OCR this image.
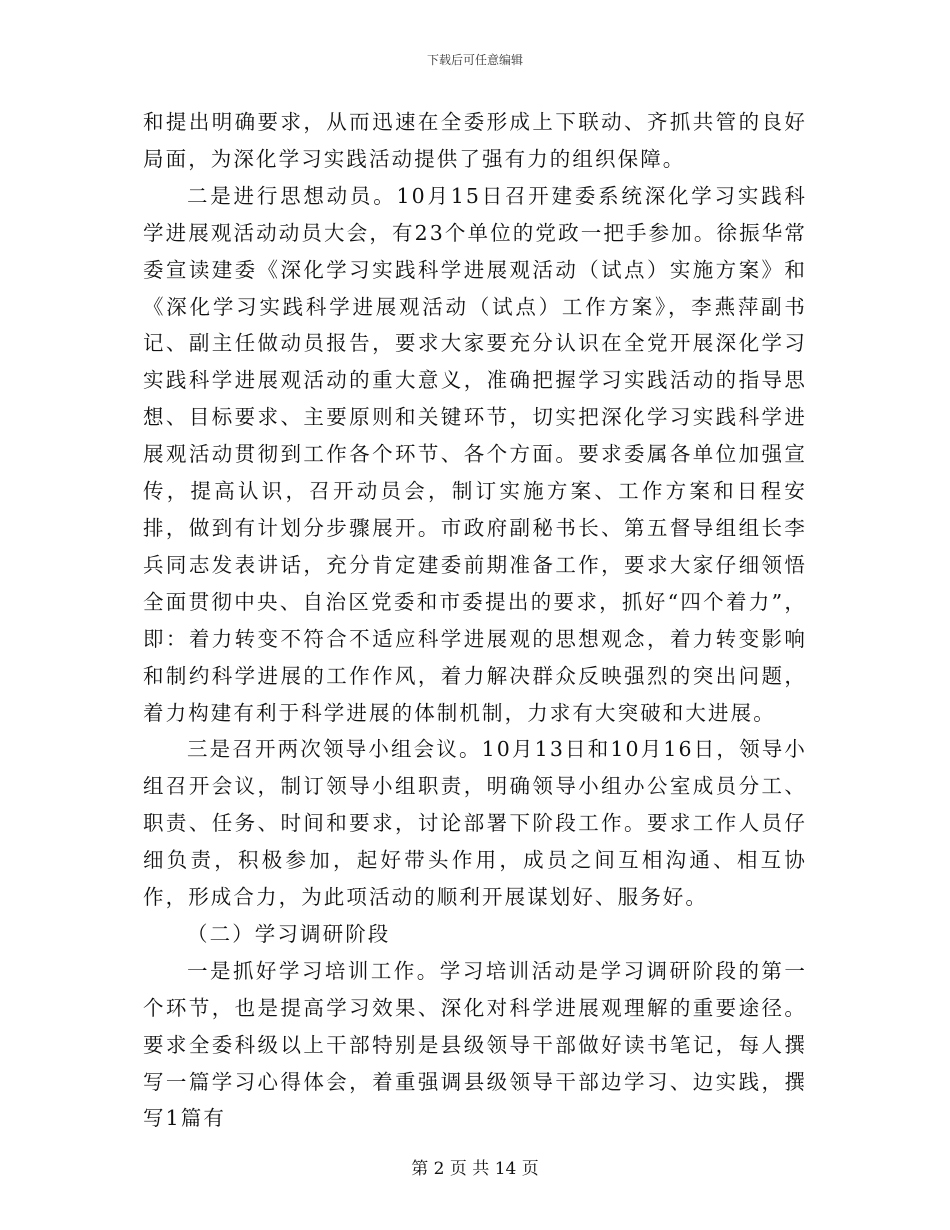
下载后可任意编辑

和提出明确要求，从而迅速在全委形成上下联动、齐抓共管的良好局面，为深化学习实践活动提供了强有力的组织保障。

二是进行思想动员。10月15日召开建委系统深化学习实践科学进展观活动动员大会，有23个单位的党政一把手参加。徐振华常委宣读建委《深化学习实践科学进展观活动（试点）实施方案》和《深化学习实践科学进展观活动（试点）工作方案》，李燕萍副书记、副主任做动员报告，要求大家要充分认识在全党开展深化学习实践科学进展观活动的重大意义，准确把握学习实践活动的指导思想、目标要求、主要原则和关键环节，切实把深化学习实践科学进展观活动贯彻到工作各个环节、各个方面。要求委属各单位加强宣传，提高认识，召开动员会，制订实施方案、工作方案和日程安排，做到有计划分步骤展开。市政府副秘书长、第五督导组组长李兵同志发表讲话，充分肯定建委前期准备工作，要求大家仔细领悟全面贯彻中央、自治区党委和市委提出的要求，抓好“四个着力”，即：着力转变不符合不适应科学进展观的思想观念，着力转变影响和制约科学进展的工作作风，着力解决群众反映强烈的突出问题，着力构建有利于科学进展的体制机制，力求有大突破和大进展。

三是召开两次领导小组会议。10月13日和10月16日，领导小组召开会议，制订领导小组职责，明确领导小组办公室成员分工、职责、任务、时间和要求，讨论部署下阶段工作。要求工作人员仔细负责，积极参加，起好带头作用，成员之间互相沟通、相互协作，形成合力，为此项活动的顺利开展谋划好、服务好。

（二）学习调研阶段

一是抓好学习培训工作。学习培训活动是学习调研阶段的第一个环节，也是提高学习效果、深化对科学进展观理解的重要途径。要求全委科级以上干部特别是县级领导干部做好读书笔记，每人撰写一篇学习心得体会，着重强调县级领导干部边学习、边实践，撰写1篇有

第 2 页 共 14 页
